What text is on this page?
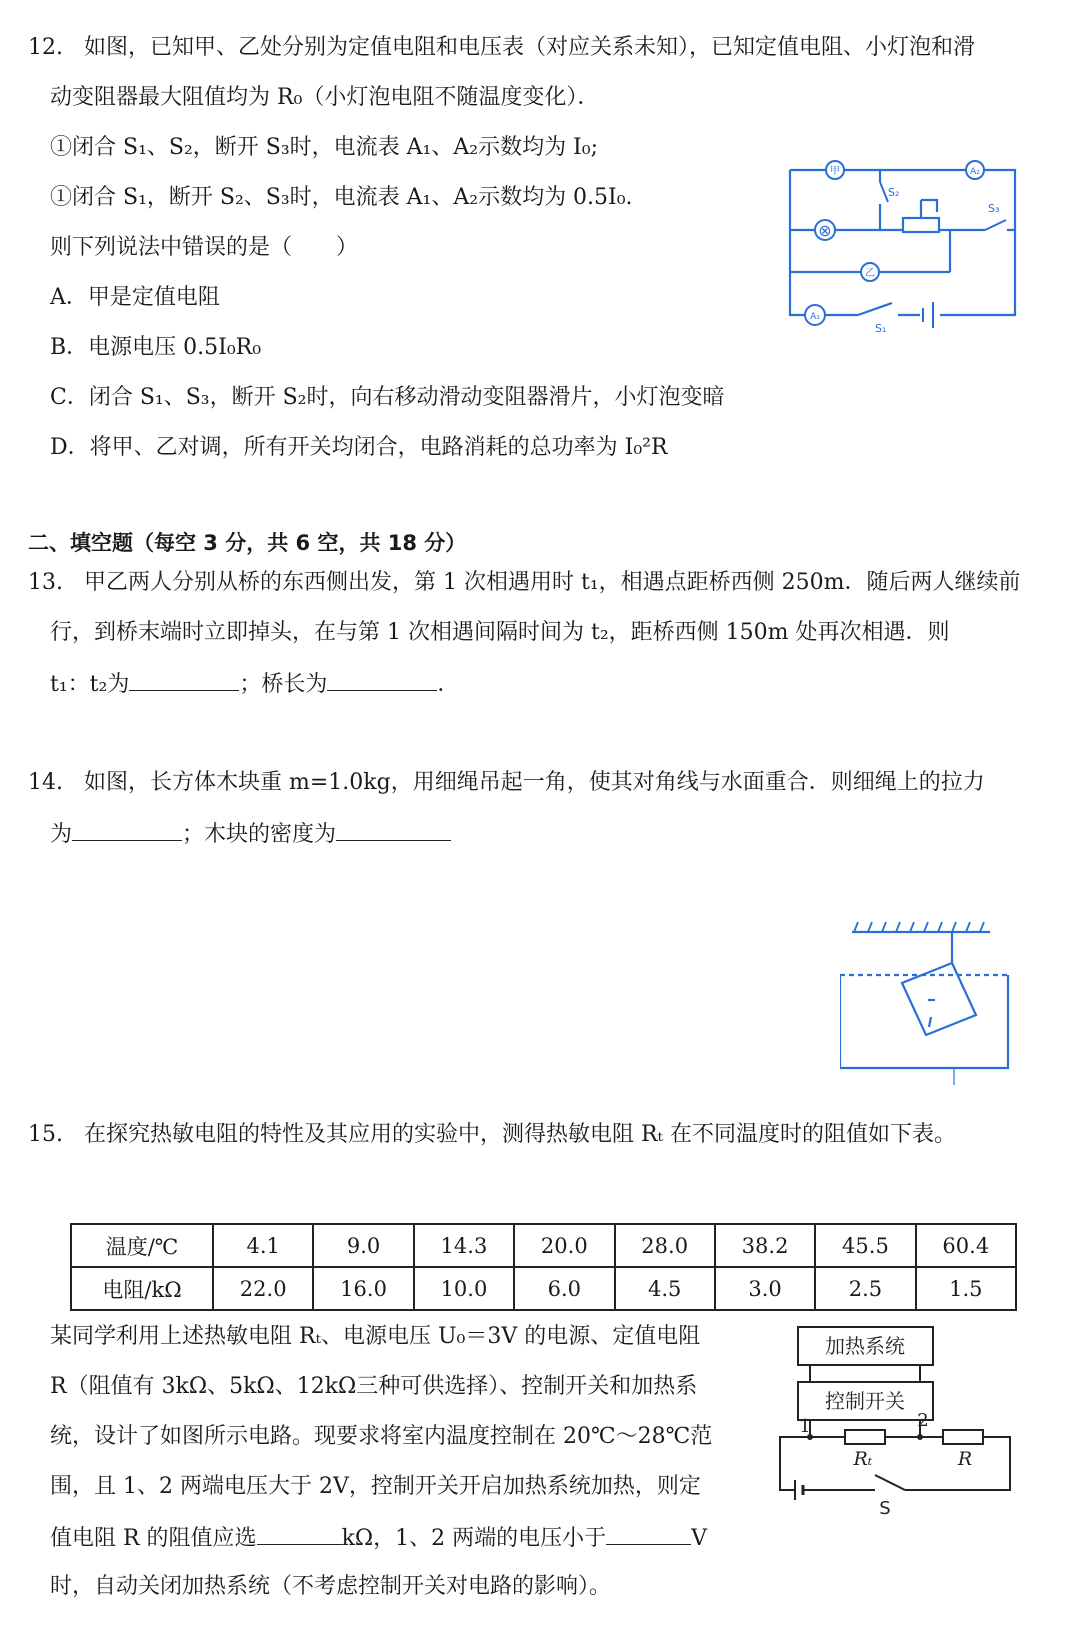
12. 如图，已知甲、乙处分别为定值电阻和电压表（对应关系未知），已知定值电阻、小灯泡和滑
动变阻器最大阻值均为 R₀（小灯泡电阻不随温度变化）．
①闭合 S₁、S₂，断开 S₃时，电流表 A₁、A₂示数均为 I₀;
①闭合 S₁，断开 S₂、S₃时，电流表 A₁、A₂示数均为 0.5I₀.
则下列说法中错误的是（　　）
A．甲是定值电阻
B．电源电压 0.5I₀R₀
C．闭合 S₁、S₃，断开 S₂时，向右移动滑动变阻器滑片，小灯泡变暗
D．将甲、乙对调，所有开关均闭合，电路消耗的总功率为 I₀²R
甲	A₂
⊗
乙
A₁
S₁
S₂
S₃
二、填空题（每空 3 分，共 6 空，共 18 分）
13. 甲乙两人分别从桥的东西侧出发，第 1 次相遇用时 t₁，相遇点距桥西侧 250m．随后两人继续前
行，到桥末端时立即掉头，在与第 1 次相遇间隔时间为 t₂，距桥西侧 150m 处再次相遇．则
t₁：t₂为	；桥长为	．
14. 如图，长方体木块重 m=1.0kg，用细绳吊起一角，使其对角线与水面重合．则细绳上的拉力
为	；木块的密度为
15. 在探究热敏电阻的特性及其应用的实验中，测得热敏电阻 Rₜ 在不同温度时的阻值如下表。
温度/℃	4.1	9.0	14.3	20.0	28.0	38.2	45.5	60.4
电阻/kΩ	22.0	16.0	10.0	6.0	4.5	3.0	2.5	1.5
某同学利用上述热敏电阻 Rₜ、电源电压 U₀＝3V 的电源、定值电阻
R（阻值有 3kΩ、5kΩ、12kΩ三种可供选择）、控制开关和加热系
统，设计了如图所示电路。现要求将室内温度控制在 20℃～28℃范
围，且 1、2 两端电压大于 2V，控制开关开启加热系统加热，则定
值电阻 R 的阻值应选	kΩ，1、2 两端的电压小于	V
时，自动关闭加热系统（不考虑控制开关对电路的影响）。
加热系统
控制开关
1	2
Rₜ	R
S
